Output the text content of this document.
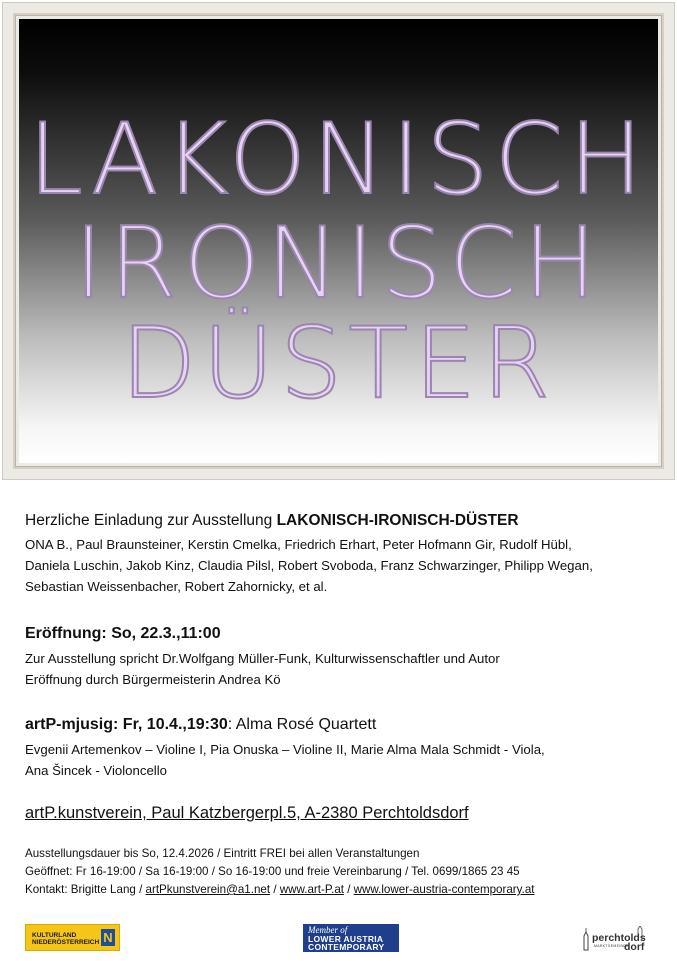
LAKONISCH
IRONISCH
DÜSTER
Herzliche Einladung zur Ausstellung LAKONISCH-IRONISCH-DÜSTER
ONA B., Paul Braunsteiner, Kerstin Cmelka, Friedrich Erhart, Peter Hofmann Gir, Rudolf Hübl,
Daniela Luschin, Jakob Kinz, Claudia Pilsl, Robert Svoboda, Franz Schwarzinger, Philipp Wegan,
Sebastian Weissenbacher, Robert Zahornicky, et al.
Eröffnung: So, 22.3.,11:00
Zur Ausstellung spricht Dr.Wolfgang Müller-Funk, Kulturwissenschaftler und Autor
Eröffnung durch Bürgermeisterin Andrea Kö
artP-mjusig: Fr, 10.4.,19:30: Alma Rosé Quartett
Evgenii Artemenkov – Violine I, Pia Onuska – Violine II, Marie Alma Mala Schmidt - Viola,
Ana Šincek - Violoncello
artP.kunstverein, Paul Katzbergerpl.5, A-2380 Perchtoldsdorf
Ausstellungsdauer bis So, 12.4.2026 / Eintritt FREI bei allen Veranstaltungen
Geöffnet: Fr 16-19:00 / Sa 16-19:00 / So 16-19:00 und freie Vereinbarung / Tel. 0699/1865 23 45
Kontakt: Brigitte Lang / artPkunstverein@a1.net / www.art-P.at / www.lower-austria-contemporary.at
KULTURLAND
NIEDERÖSTERREICH N	Member of
LOWER AUSTRIA
CONTEMPORARY
perchtolds
dorf
MARKTGEMEINDE
